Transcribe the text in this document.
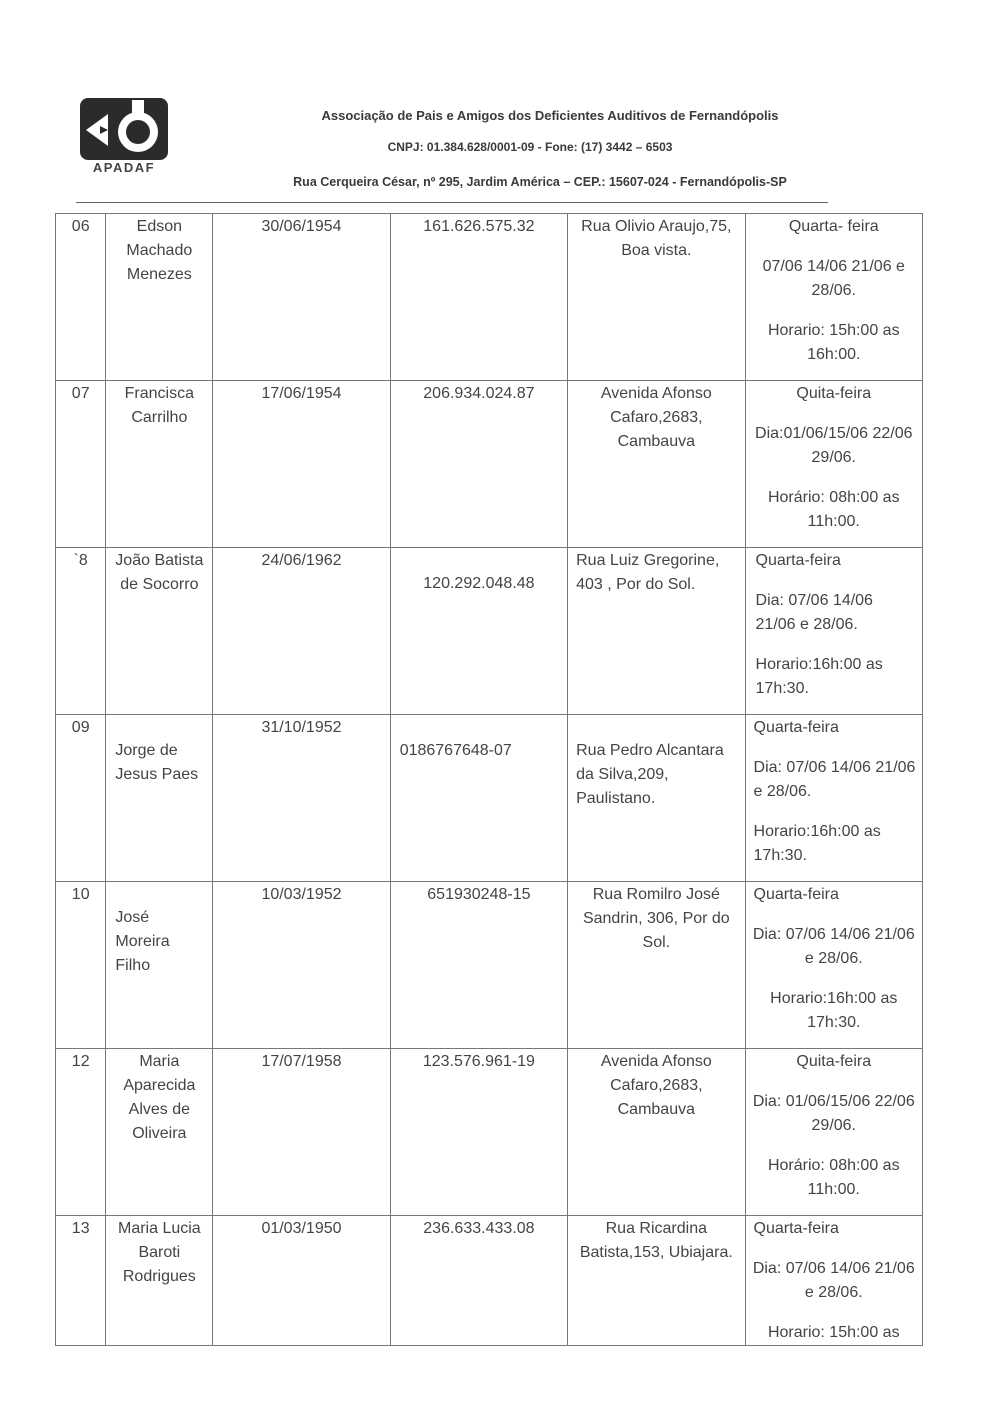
APADAF
Associação de Pais e Amigos dos Deficientes Auditivos de Fernandópolis
CNPJ: 01.384.628/0001-09 - Fone: (17) 3442 – 6503
Rua Cerqueira César, nº 295, Jardim América – CEP.: 15607-024 - Fernandópolis-SP
06	Edson Machado Menezes	30/06/1954	161.626.575.32	Rua Olivio Araujo,75, Boa vista.	Quarta- feira
07/06 14/06 21/06 e 28/06.
Horario: 15h:00 as 16h:00.

07	Francisca Carrilho	17/06/1954	206.934.024.87	Avenida Afonso Cafaro,2683, Cambauva	Quita-feira
Dia:01/06/15/06 22/06 29/06.
Horário: 08h:00 as 11h:00.

`8	João Batista de Socorro	24/06/1962	120.292.048.48	Rua Luiz Gregorine, 403 , Por do Sol.	Quarta-feira
Dia: 07/06 14/06 21/06 e 28/06.
Horario:16h:00 as 17h:30.

09	Jorge de Jesus Paes	31/10/1952	0186767648-07	Rua Pedro Alcantara da Silva,209, Paulistano.	Quarta-feira
Dia: 07/06 14/06 21/06 e 28/06.
Horario:16h:00 as 17h:30.

10	José Moreira Filho	10/03/1952	651930248-15	Rua Romilro José Sandrin, 306, Por do Sol.	Quarta-feira
Dia: 07/06 14/06 21/06 e 28/06.
Horario:16h:00 as 17h:30.

12	Maria Aparecida Alves de Oliveira	17/07/1958	123.576.961-19	Avenida Afonso Cafaro,2683, Cambauva	Quita-feira
Dia: 01/06/15/06 22/06 29/06.
Horário: 08h:00 as 11h:00.

13	Maria Lucia Baroti Rodrigues	01/03/1950	236.633.433.08	Rua Ricardina Batista,153, Ubiajara.	Quarta-feira
Dia: 07/06 14/06 21/06 e 28/06.
Horario: 15h:00 as
